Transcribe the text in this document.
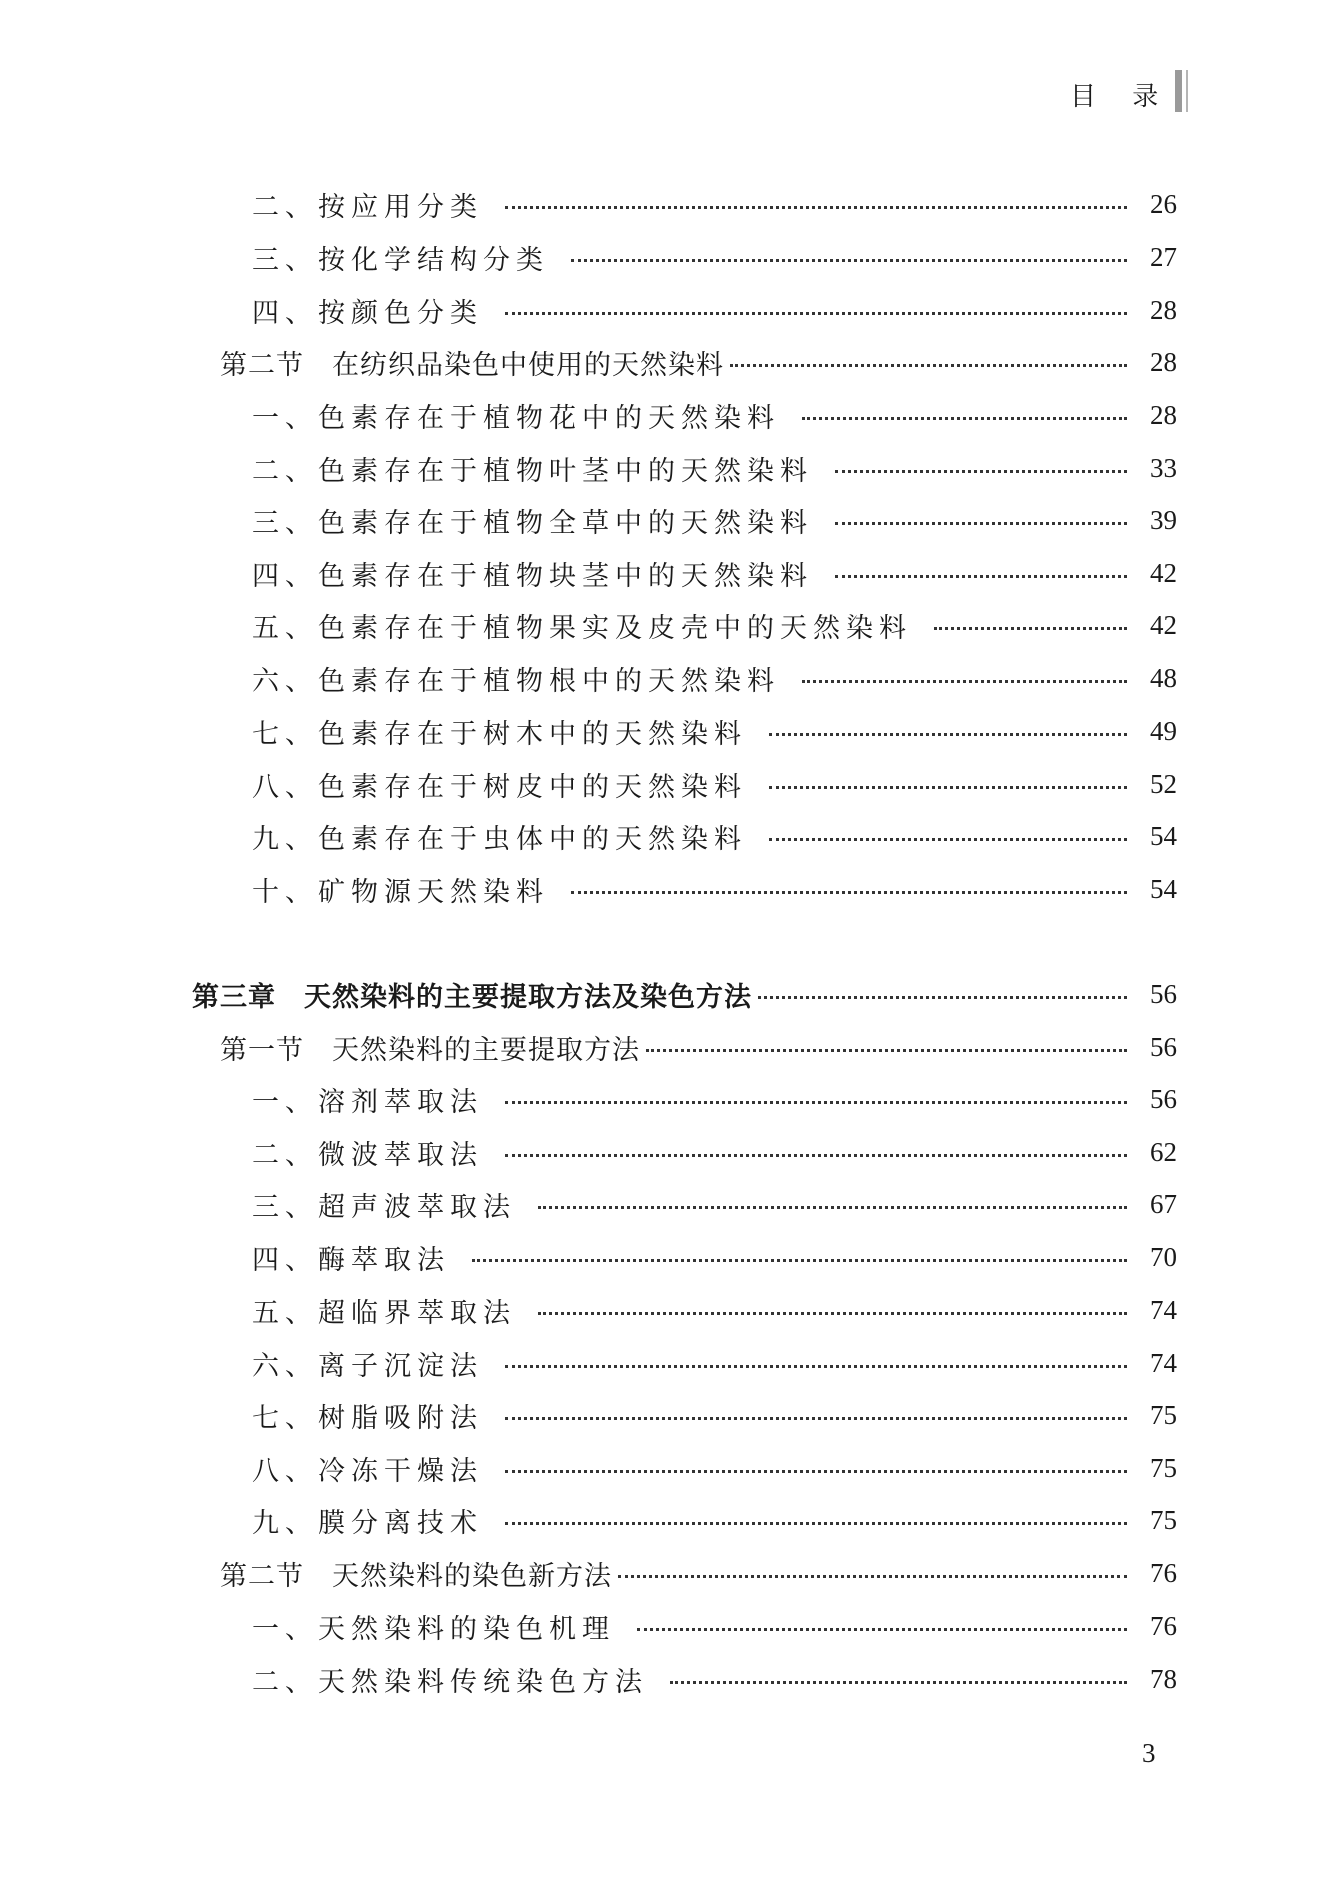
目 录
二、按应用分类	26
三、按化学结构分类	27
四、按颜色分类	28
第二节　在纺织品染色中使用的天然染料	28
一、色素存在于植物花中的天然染料	28
二、色素存在于植物叶茎中的天然染料	33
三、色素存在于植物全草中的天然染料	39
四、色素存在于植物块茎中的天然染料	42
五、色素存在于植物果实及皮壳中的天然染料	42
六、色素存在于植物根中的天然染料	48
七、色素存在于树木中的天然染料	49
八、色素存在于树皮中的天然染料	52
九、色素存在于虫体中的天然染料	54
十、矿物源天然染料	54
第三章　天然染料的主要提取方法及染色方法	56
第一节　天然染料的主要提取方法	56
一、溶剂萃取法	56
二、微波萃取法	62
三、超声波萃取法	67
四、酶萃取法	70
五、超临界萃取法	74
六、离子沉淀法	74
七、树脂吸附法	75
八、冷冻干燥法	75
九、膜分离技术	75
第二节　天然染料的染色新方法	76
一、天然染料的染色机理	76
二、天然染料传统染色方法	78
3
